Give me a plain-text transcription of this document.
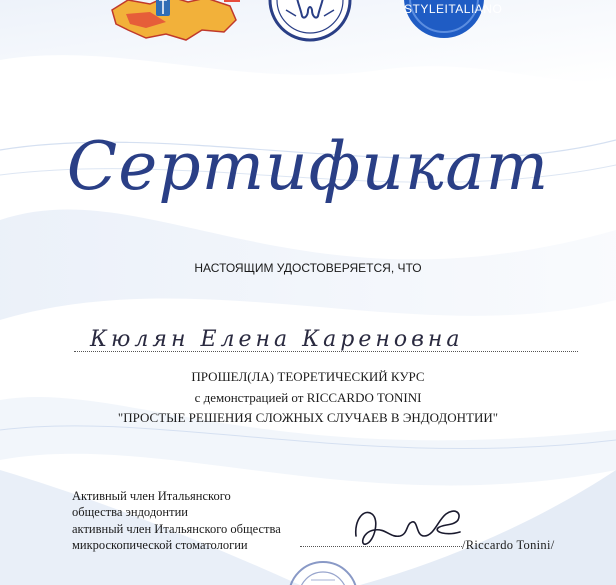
STYLEITALIANO
Сертификат
НАСТОЯЩИМ УДОСТОВЕРЯЕТСЯ, ЧТО
Кюлян Елена Кареновна
ПРОШЕЛ(ЛА) ТЕОРЕТИЧЕСКИЙ КУРС
с демонстрацией от RICCARDO TONINI
"ПРОСТЫЕ РЕШЕНИЯ СЛОЖНЫХ СЛУЧАЕВ В ЭНДОДОНТИИ"
Активный член Итальянского
общества эндодонтии
активный член Итальянского общества
микроскопической стоматологии	/Riccardo Tonini/
